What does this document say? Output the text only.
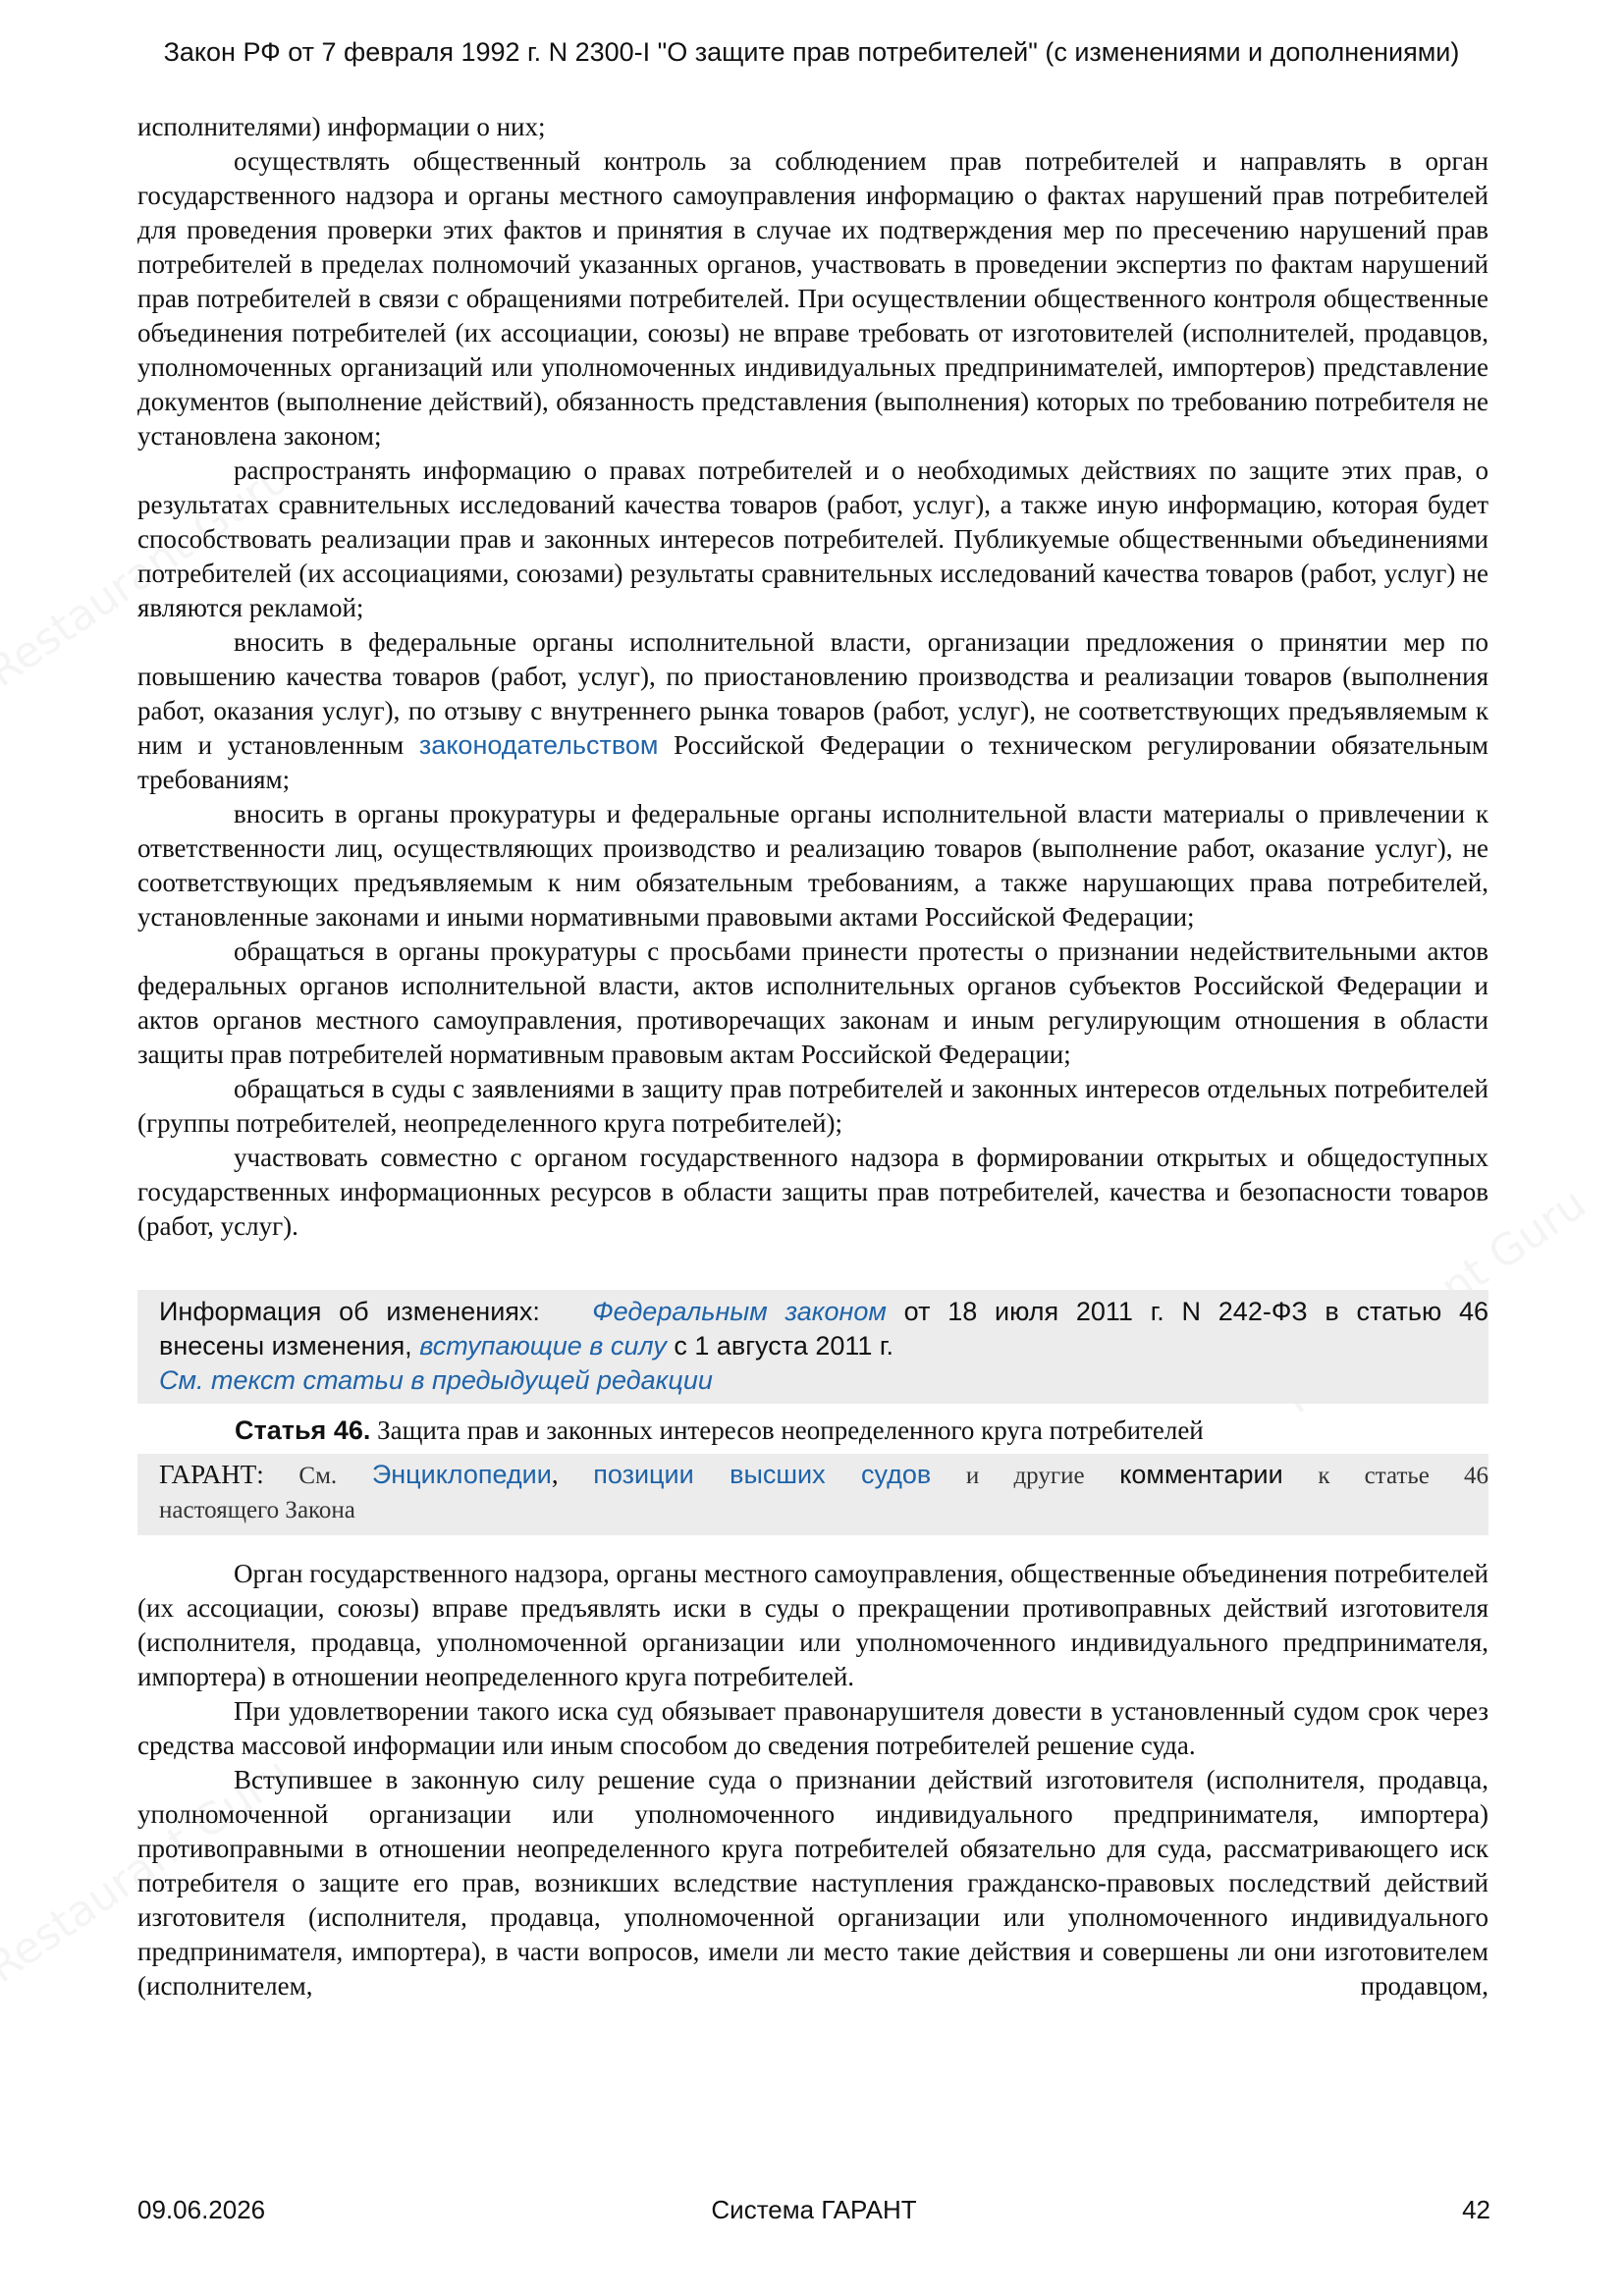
Закон РФ от 7 февраля 1992 г. N 2300-I "О защите прав потребителей" (с изменениями и дополнениями)

исполнителями) информации о них;

осуществлять общественный контроль за соблюдением прав потребителей и направлять в орган государственного надзора и органы местного самоуправления информацию о фактах нарушений прав потребителей для проведения проверки этих фактов и принятия в случае их подтверждения мер по пресечению нарушений прав потребителей в пределах полномочий указанных органов, участвовать в проведении экспертиз по фактам нарушений прав потребителей в связи с обращениями потребителей. При осуществлении общественного контроля общественные объединения потребителей (их ассоциации, союзы) не вправе требовать от изготовителей (исполнителей, продавцов, уполномоченных организаций или уполномоченных индивидуальных предпринимателей, импортеров) представление документов (выполнение действий), обязанность представления (выполнения) которых по требованию потребителя не установлена законом;

распространять информацию о правах потребителей и о необходимых действиях по защите этих прав, о результатах сравнительных исследований качества товаров (работ, услуг), а также иную информацию, которая будет способствовать реализации прав и законных интересов потребителей. Публикуемые общественными объединениями потребителей (их ассоциациями, союзами) результаты сравнительных исследований качества товаров (работ, услуг) не являются рекламой;

вносить в федеральные органы исполнительной власти, организации предложения о принятии мер по повышению качества товаров (работ, услуг), по приостановлению производства и реализации товаров (выполнения работ, оказания услуг), по отзыву с внутреннего рынка товаров (работ, услуг), не соответствующих предъявляемым к ним и установленным законодательством Российской Федерации о техническом регулировании обязательным требованиям;

вносить в органы прокуратуры и федеральные органы исполнительной власти материалы о привлечении к ответственности лиц, осуществляющих производство и реализацию товаров (выполнение работ, оказание услуг), не соответствующих предъявляемым к ним обязательным требованиям, а также нарушающих права потребителей, установленные законами и иными нормативными правовыми актами Российской Федерации;

обращаться в органы прокуратуры с просьбами принести протесты о признании недействительными актов федеральных органов исполнительной власти, актов исполнительных органов субъектов Российской Федерации и актов органов местного самоуправления, противоречащих законам и иным регулирующим отношения в области защиты прав потребителей нормативным правовым актам Российской Федерации;

обращаться в суды с заявлениями в защиту прав потребителей и законных интересов отдельных потребителей (группы потребителей, неопределенного круга потребителей);

участвовать совместно с органом государственного надзора в формировании открытых и общедоступных государственных информационных ресурсов в области защиты прав потребителей, качества и безопасности товаров (работ, услуг).

Информация об изменениях: Федеральным законом от 18 июля 2011 г. N 242-ФЗ в статью 46
внесены изменения, вступающие в силу с 1 августа 2011 г.
См. текст статьи в предыдущей редакции
Статья 46. Защита прав и законных интересов неопределенного круга потребителей
ГАРАНТ: См. Энциклопедии, позиции высших судов и другие комментарии к статье 46
настоящего Закона

Орган государственного надзора, органы местного самоуправления, общественные объединения потребителей (их ассоциации, союзы) вправе предъявлять иски в суды о прекращении противоправных действий изготовителя (исполнителя, продавца, уполномоченной организации или уполномоченного индивидуального предпринимателя, импортера) в отношении неопределенного круга потребителей.

При удовлетворении такого иска суд обязывает правонарушителя довести в установленный судом срок через средства массовой информации или иным способом до сведения потребителей решение суда.

Вступившее в законную силу решение суда о признании действий изготовителя (исполнителя, продавца, уполномоченной организации или уполномоченного индивидуального предпринимателя, импортера) противоправными в отношении неопределенного круга потребителей обязательно для суда, рассматривающего иск потребителя о защите его прав, возникших вследствие наступления гражданско-правовых последствий действий изготовителя (исполнителя, продавца, уполномоченной организации или уполномоченного индивидуального предпринимателя, импортера), в части вопросов, имели ли место такие действия и совершены ли они изготовителем (исполнителем, продавцом,

Система ГАРАНТ
09.06.2026	42
